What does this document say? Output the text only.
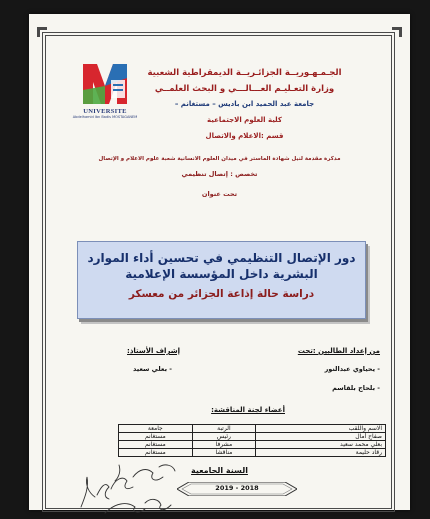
UNIVERSITE
Abdelhamid Ibn Badis MOSTAGANEM
الجـمـهـوريــة الجزائـريــة الديمقراطية الشعبية
وزارة التعـليـم العـــالـــي و البحث العلمــي
جامعة عبد الحميد ابن باديس – مستغانم –
كلية العلوم الاجتماعية
قسم :الاعلام والاتصال
مذكرة مقدمة لنيل شهادة الماستر في ميدان العلوم الانسانية شعبة علوم الاعلام و الإتصال
تخصص : إتصال تنظيمي
تحت عنوان
دور الإتصال التنظيمي في تحسين أداء الموارد
البشرية داخل المؤسسة الإعلامية
دراسة حالة إذاعة الجزائر من معسكر
من إعداد الطالبين :تحت
- يحياوي عبدالنور
- بلحاج بلقاسم
إشراف الأستاذ:
- بعلي سعيد
أعضاء لجنة المناقشة:
الاسم واللقب	الرتبة	جامعة
صفاح أمال	رئيس	مستغانم
بعلي محمد سعيد	مشرفا	مستغانم
رقاد حليمة	مناقشا	مستغانم
السنة الجامعية
2019 - 2018
